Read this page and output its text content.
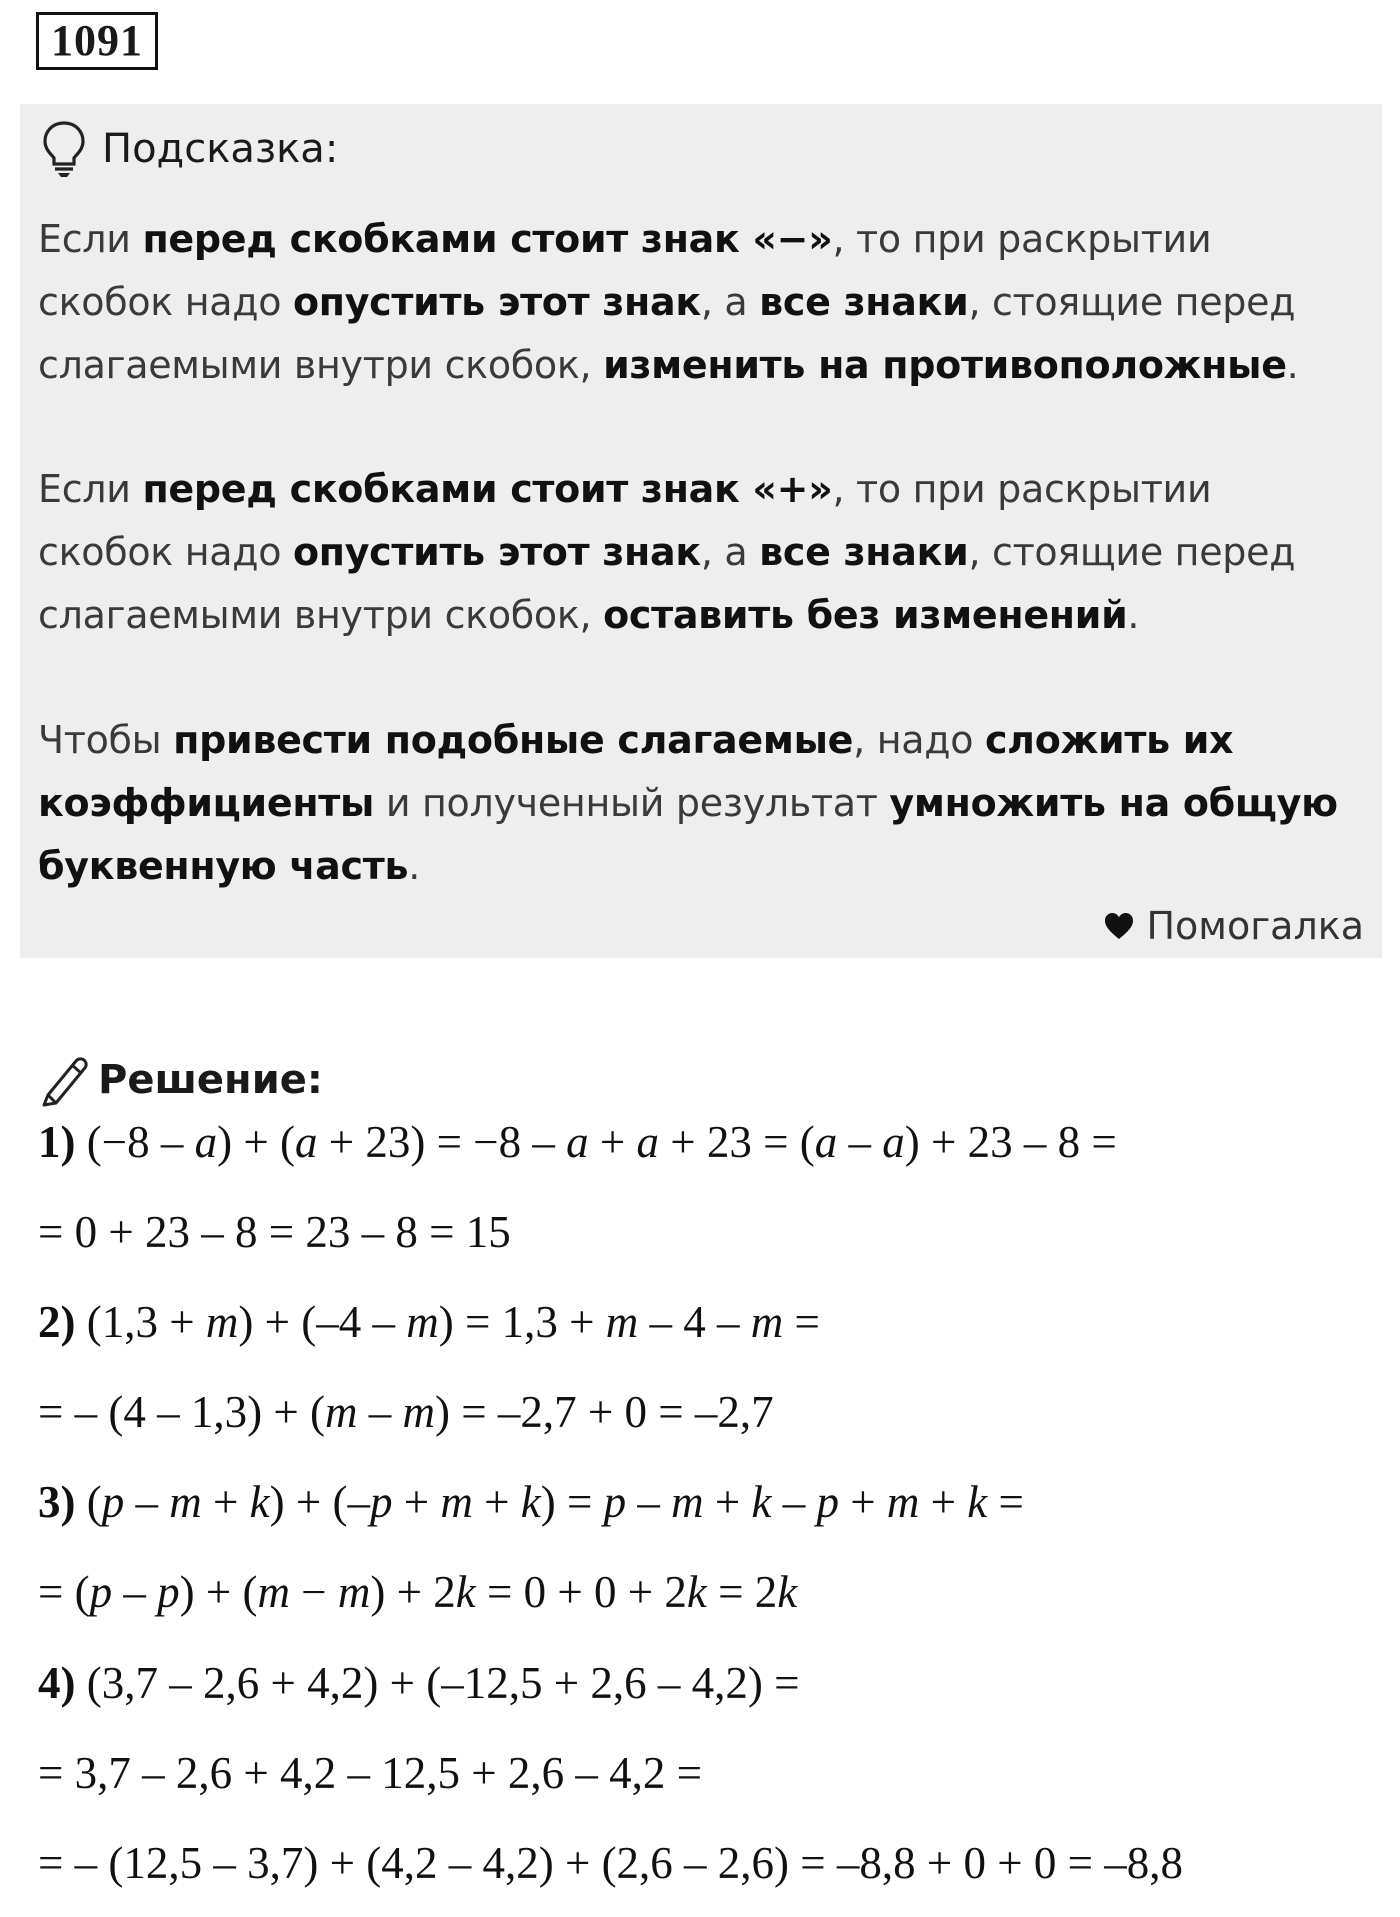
1091
Подсказка:
Если перед скобками стоит знак «−», то при раскрытии скобок надо опустить этот знак, а все знаки, стоящие перед слагаемыми внутри скобок, изменить на противоположные.
Если перед скобками стоит знак «+», то при раскрытии скобок надо опустить этот знак, а все знаки, стоящие перед слагаемыми внутри скобок, оставить без изменений.
Чтобы привести подобные слагаемые, надо сложить их коэффициенты и полученный результат умножить на общую буквенную часть.
Помогалка
Решение:
1) (−8 – a) + (a + 23) = −8 – a + a + 23 = (a – a) + 23 – 8 =
= 0 + 23 – 8 = 23 – 8 = 15
2) (1,3 + m) + (–4 – m) = 1,3 + m – 4 – m =
= – (4 – 1,3) + (m – m) = –2,7 + 0 = –2,7
3) (p – m + k) + (–p + m + k) = p – m + k – p + m + k =
= (p – p) + (m − m) + 2k = 0 + 0 + 2k = 2k
4) (3,7 – 2,6 + 4,2) + (–12,5 + 2,6 – 4,2) =
= 3,7 – 2,6 + 4,2 – 12,5 + 2,6 – 4,2 =
= – (12,5 – 3,7) + (4,2 – 4,2) + (2,6 – 2,6) = –8,8 + 0 + 0 = –8,8
